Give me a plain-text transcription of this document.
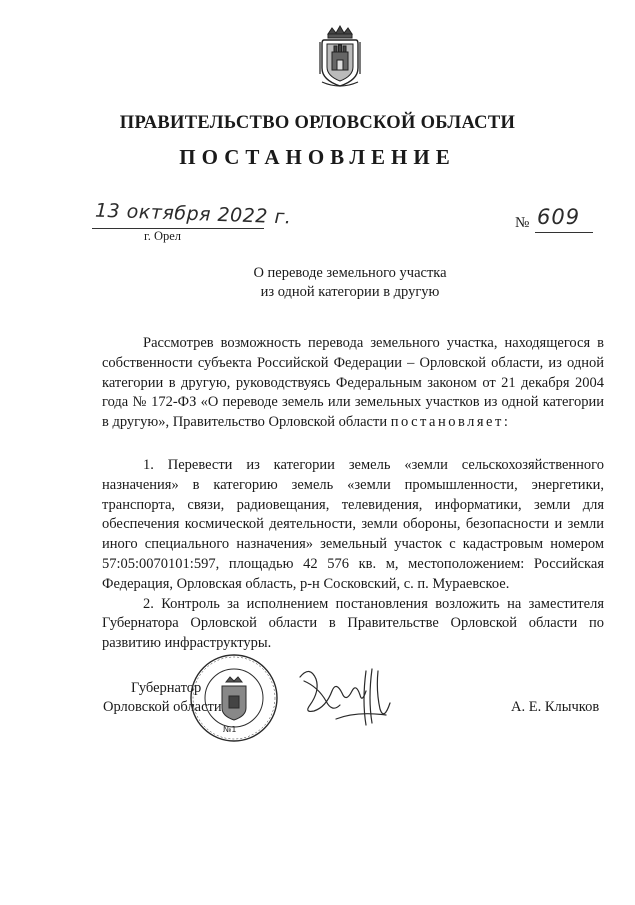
ПРАВИТЕЛЬСТВО ОРЛОВСКОЙ ОБЛАСТИ
ПОСТАНОВЛЕНИЕ
13 октября 2022 г.
г. Орел
№ 609
О переводе земельного участка
из одной категории в другую

Рассмотрев возможность перевода земельного участка, находящегося в собственности субъекта Российской Федерации – Орловской области, из одной категории в другую, руководствуясь Федеральным законом от 21 декабря 2004 года № 172-ФЗ «О переводе земель или земельных участков из одной категории в другую», Правительство Орловской области постановляет:

1. Перевести из категории земель «земли сельскохозяйственного назначения» в категорию земель «земли промышленности, энергетики, транспорта, связи, радиовещания, телевидения, информатики, земли для обеспечения космической деятельности, земли обороны, безопасности и земли иного специального назначения» земельный участок с кадастровым номером 57:05:0070101:597, площадью 42 576 кв. м, местоположением: Российская Федерация, Орловская область, р-н Сосковский, с. п. Мураевское.

2. Контроль за исполнением постановления возложить на заместителя Губернатора Орловской области в Правительстве Орловской области по развитию инфраструктуры.

Губернатор
Орловской области	А. Е. Клычков
№1
